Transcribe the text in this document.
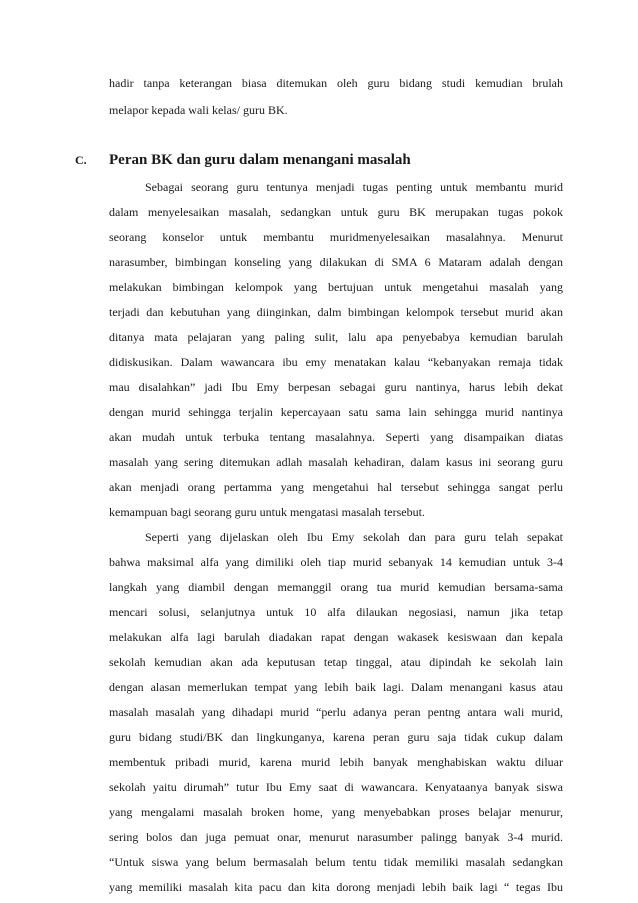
hadir tanpa keterangan biasa ditemukan oleh guru bidang studi kemudian brulah
melapor kepada wali kelas/ guru BK.
C. Peran BK dan guru dalam menangani masalah
Sebagai seorang guru tentunya menjadi tugas penting untuk membantu murid
dalam menyelesaikan masalah, sedangkan untuk guru BK merupakan tugas pokok
seorang konselor untuk membantu muridmenyelesaikan masalahnya. Menurut
narasumber, bimbingan konseling yang dilakukan di SMA 6 Mataram adalah dengan
melakukan bimbingan kelompok yang bertujuan untuk mengetahui masalah yang
terjadi dan kebutuhan yang diinginkan, dalm bimbingan kelompok tersebut murid akan
ditanya mata pelajaran yang paling sulit, lalu apa penyebabya kemudian barulah
didiskusikan. Dalam wawancara ibu emy menatakan kalau “kebanyakan remaja tidak
mau disalahkan” jadi Ibu Emy berpesan sebagai guru nantinya, harus lebih dekat
dengan murid sehingga terjalin kepercayaan satu sama lain sehingga murid nantinya
akan mudah untuk terbuka tentang masalahnya. Seperti yang disampaikan diatas
masalah yang sering ditemukan adlah masalah kehadiran, dalam kasus ini seorang guru
akan menjadi orang pertamma yang mengetahui hal tersebut sehingga sangat perlu
kemampuan bagi seorang guru untuk mengatasi masalah tersebut.
Seperti yang dijelaskan oleh Ibu Emy sekolah dan para guru telah sepakat
bahwa maksimal alfa yang dimiliki oleh tiap murid sebanyak 14 kemudian untuk 3-4
langkah yang diambil dengan memanggil orang tua murid kemudian bersama-sama
mencari solusi, selanjutnya untuk 10 alfa dilaukan negosiasi, namun jika tetap
melakukan alfa lagi barulah diadakan rapat dengan wakasek kesiswaan dan kepala
sekolah kemudian akan ada keputusan tetap tinggal, atau dipindah ke sekolah lain
dengan alasan memerlukan tempat yang lebih baik lagi. Dalam menangani kasus atau
masalah masalah yang dihadapi murid “perlu adanya peran pentng antara wali murid,
guru bidang studi/BK dan lingkunganya, karena peran guru saja tidak cukup dalam
membentuk pribadi murid, karena murid lebih banyak menghabiskan waktu diluar
sekolah yaitu dirumah” tutur Ibu Emy saat di wawancara. Kenyataanya banyak siswa
yang mengalami masalah broken home, yang menyebabkan proses belajar menurur,
sering bolos dan juga pemuat onar, menurut narasumber palingg banyak 3-4 murid.
“Untuk siswa yang belum bermasalah belum tentu tidak memiliki masalah sedangkan
yang memiliki masalah kita pacu dan kita dorong menjadi lebih baik lagi “ tegas Ibu
